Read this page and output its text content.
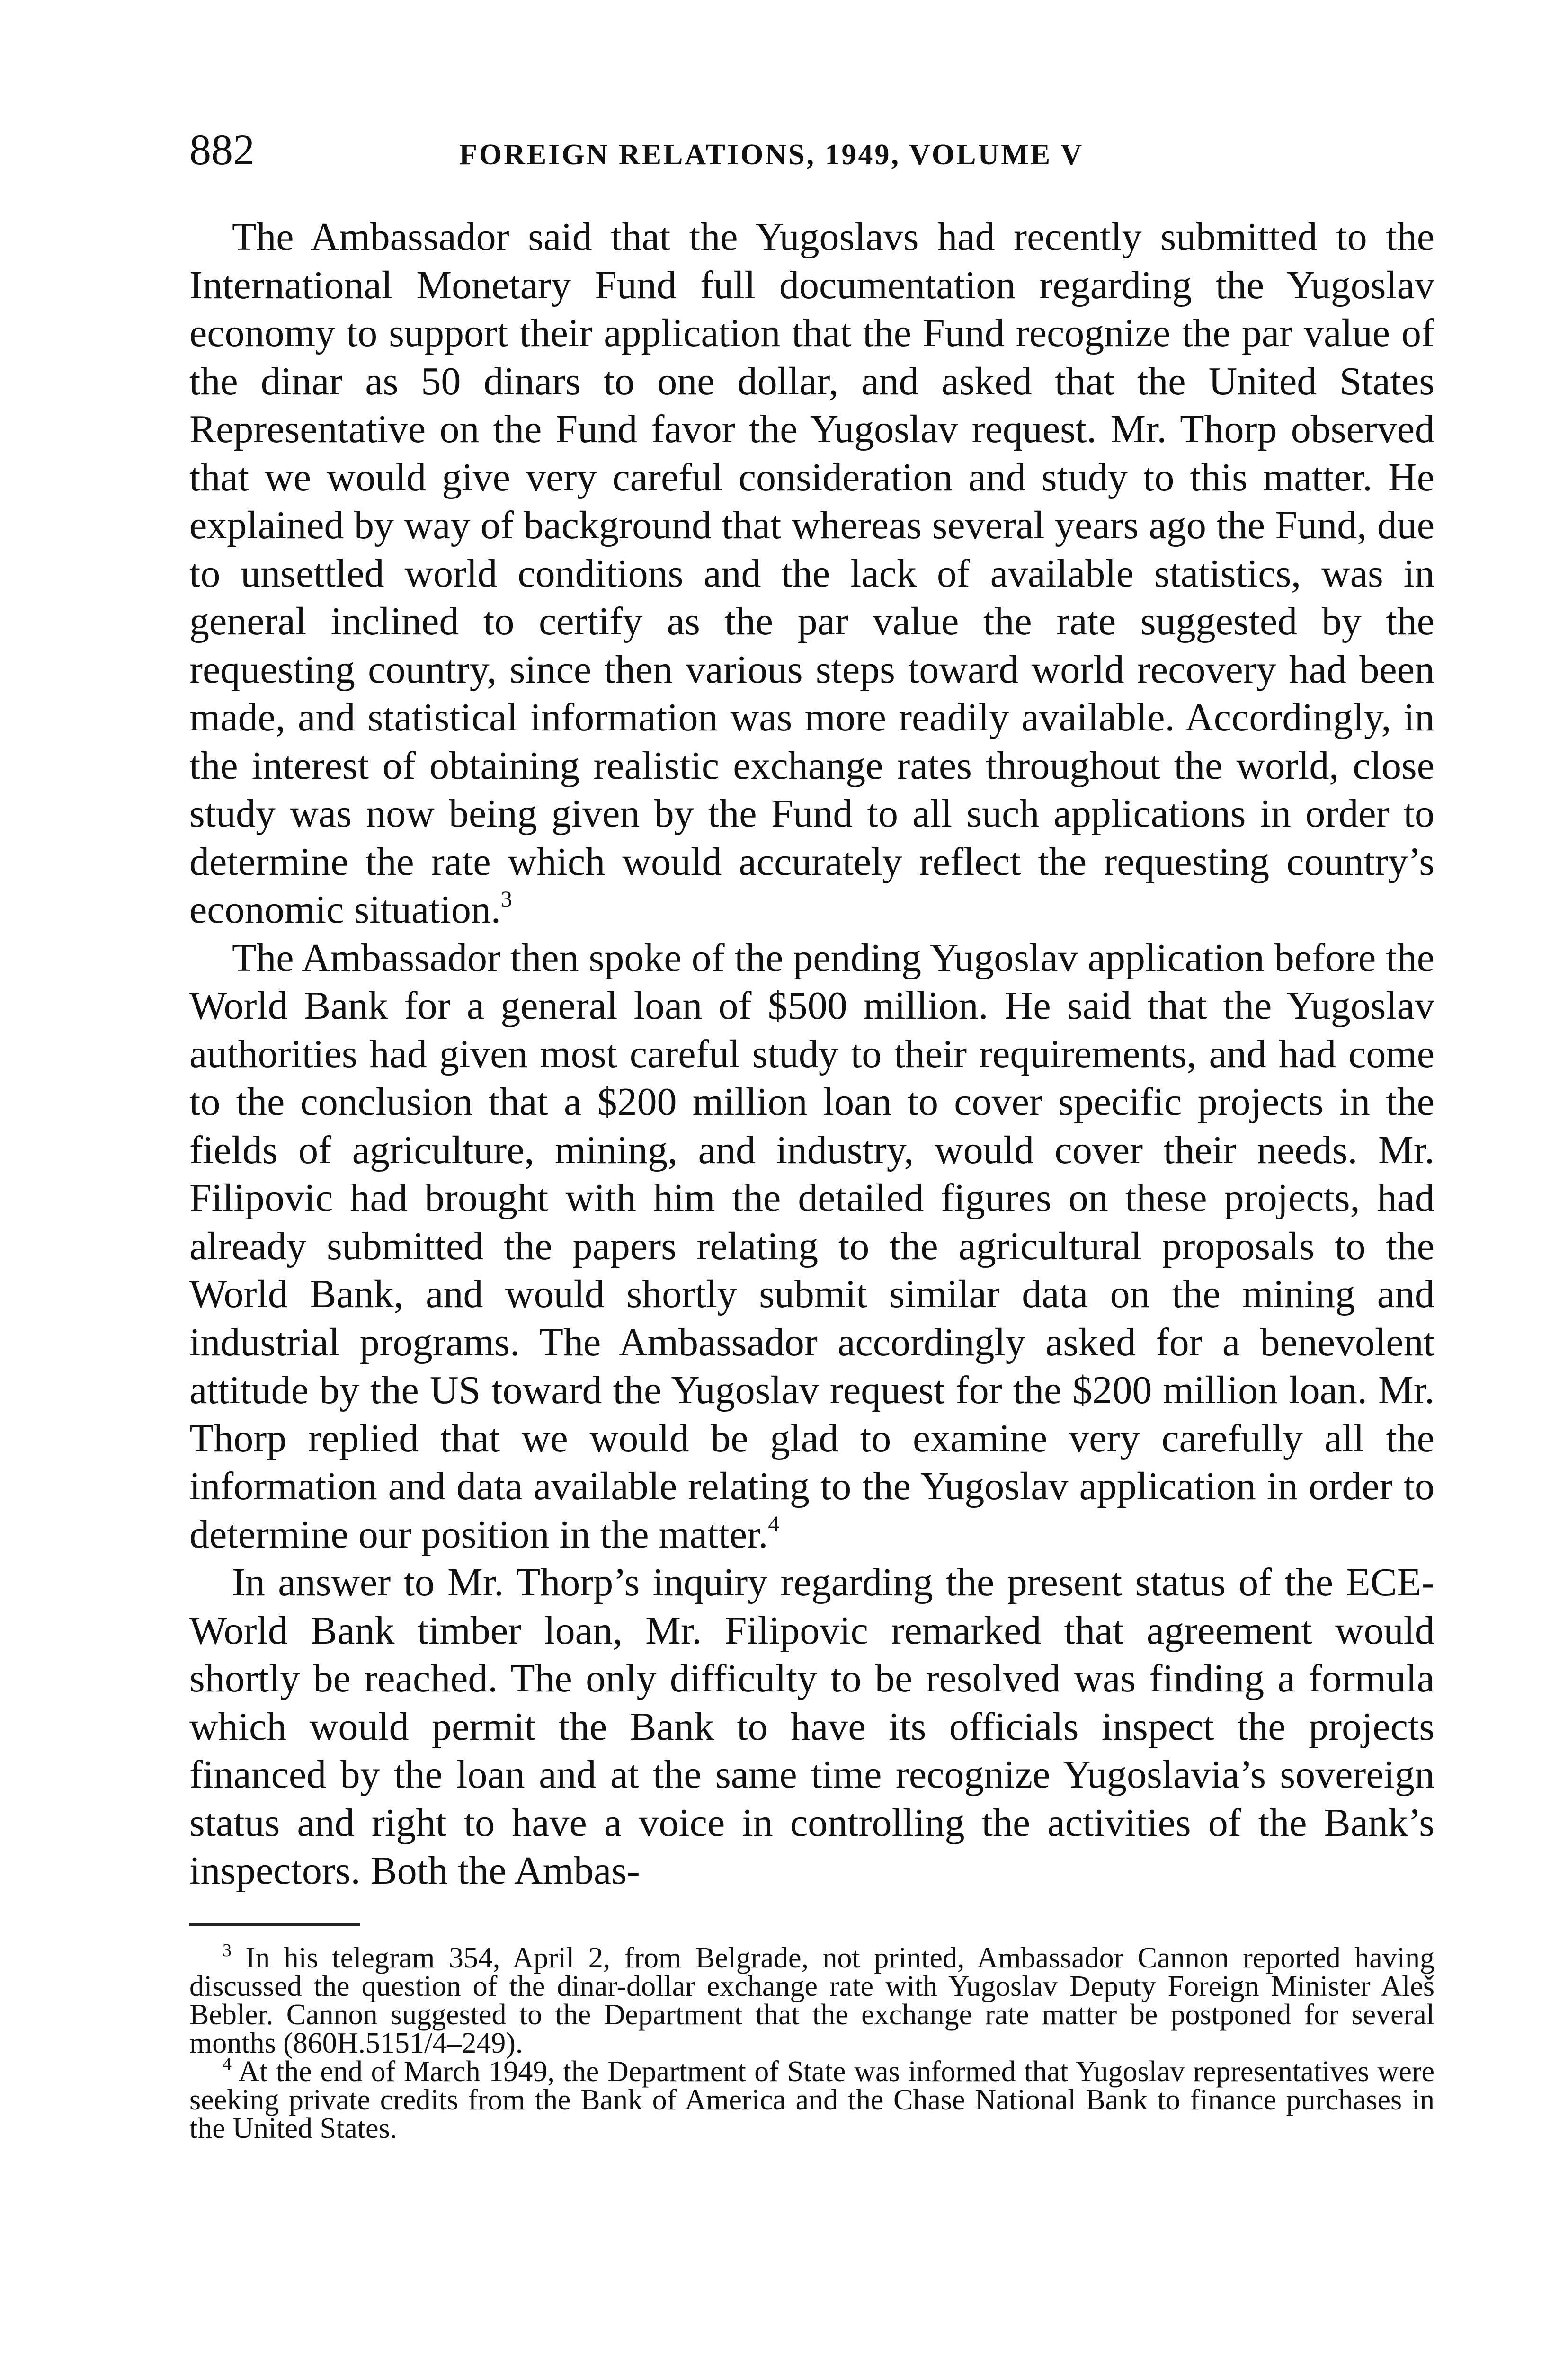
882	FOREIGN RELATIONS, 1949, VOLUME V

The Ambassador said that the Yugoslavs had recently submitted to the International Monetary Fund full documentation regarding the Yugoslav economy to support their application that the Fund recognize the par value of the dinar as 50 dinars to one dollar, and asked that the United States Representative on the Fund favor the Yugoslav request. Mr. Thorp observed that we would give very careful consideration and study to this matter. He explained by way of background that whereas several years ago the Fund, due to unsettled world conditions and the lack of available statistics, was in general inclined to certify as the par value the rate suggested by the requesting country, since then various steps toward world recovery had been made, and statistical information was more readily available. Accordingly, in the interest of obtaining realistic exchange rates throughout the world, close study was now being given by the Fund to all such applications in order to determine the rate which would accurately reflect the requesting country’s economic situation.$^3$

The Ambassador then spoke of the pending Yugoslav application before the World Bank for a general loan of $500 million. He said that the Yugoslav authorities had given most careful study to their requirements, and had come to the conclusion that a $200 million loan to cover specific projects in the fields of agriculture, mining, and industry, would cover their needs. Mr. Filipovic had brought with him the detailed figures on these projects, had already submitted the papers relating to the agricultural proposals to the World Bank, and would shortly submit similar data on the mining and industrial programs. The Ambassador accordingly asked for a benevolent attitude by the US toward the Yugoslav request for the $200 million loan. Mr. Thorp replied that we would be glad to examine very carefully all the information and data available relating to the Yugoslav application in order to determine our position in the matter.$^4$

In answer to Mr. Thorp’s inquiry regarding the present status of the ECE-World Bank timber loan, Mr. Filipovic remarked that agreement would shortly be reached. The only difficulty to be resolved was finding a formula which would permit the Bank to have its officials inspect the projects financed by the loan and at the same time recognize Yugoslavia’s sovereign status and right to have a voice in controlling the activities of the Bank’s inspectors. Both the Ambas-

$^3$ In his telegram 354, April 2, from Belgrade, not printed, Ambassador Cannon reported having discussed the question of the dinar-dollar exchange rate with Yugoslav Deputy Foreign Minister Aleš Bebler. Cannon suggested to the Department that the exchange rate matter be postponed for several months (860H.5151/4–249).

$^4$ At the end of March 1949, the Department of State was informed that Yugoslav representatives were seeking private credits from the Bank of America and the Chase National Bank to finance purchases in the United States.
